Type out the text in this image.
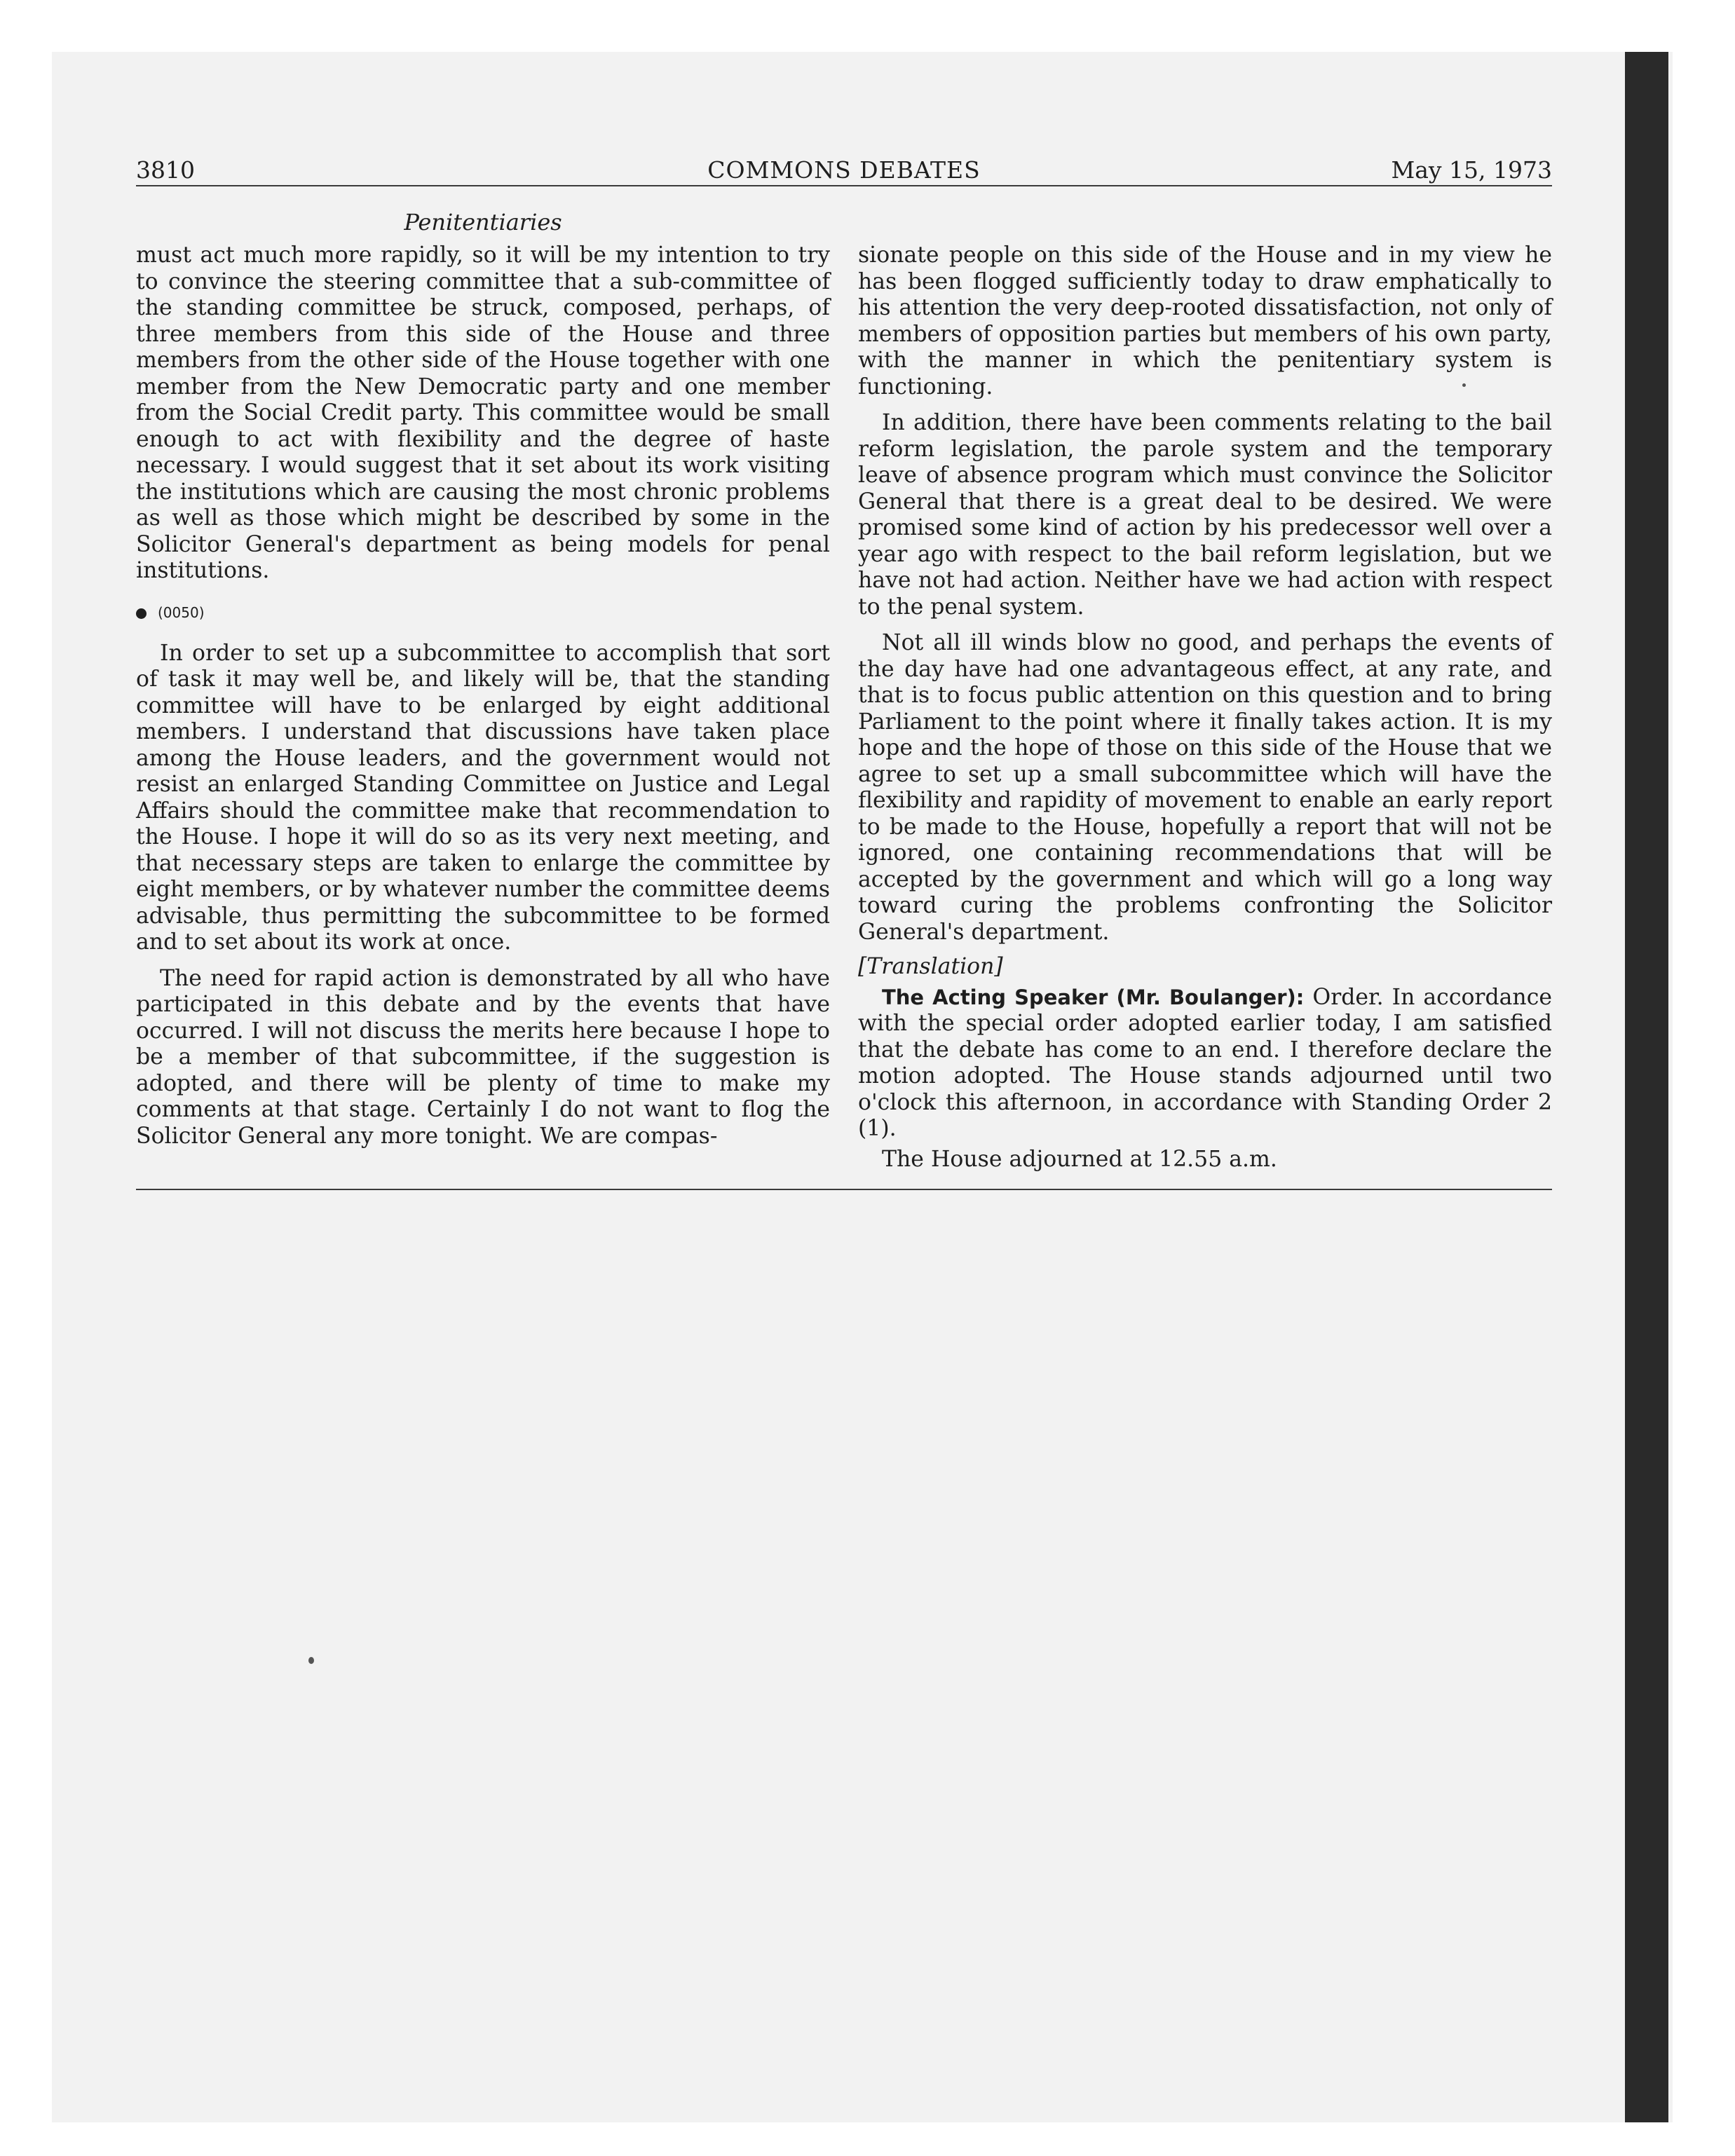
3810	COMMONS DEBATES	May 15, 1973
Penitentiaries

must act much more rapidly, so it will be my intention to try to convince the steering committee that a sub-committee of the standing committee be struck, composed, perhaps, of three members from this side of the House and three members from the other side of the House together with one member from the New Democratic party and one member from the Social Credit party. This committee would be small enough to act with flexibility and the degree of haste necessary. I would suggest that it set about its work visiting the institutions which are causing the most chronic problems as well as those which might be described by some in the Solicitor General's department as being models for penal institutions.

(0050)

In order to set up a subcommittee to accomplish that sort of task it may well be, and likely will be, that the standing committee will have to be enlarged by eight additional members. I understand that discussions have taken place among the House leaders, and the government would not resist an enlarged Standing Committee on Justice and Legal Affairs should the committee make that recommendation to the House. I hope it will do so as its very next meeting, and that necessary steps are taken to enlarge the committee by eight members, or by whatever number the committee deems advisable, thus permitting the subcommittee to be formed and to set about its work at once.

The need for rapid action is demonstrated by all who have participated in this debate and by the events that have occurred. I will not discuss the merits here because I hope to be a member of that subcommittee, if the suggestion is adopted, and there will be plenty of time to make my comments at that stage. Certainly I do not want to flog the Solicitor General any more tonight. We are compas-

sionate people on this side of the House and in my view he has been flogged sufficiently today to draw emphatically to his attention the very deep-rooted dissatisfaction, not only of members of opposition parties but members of his own party, with the manner in which the penitentiary system is functioning.

In addition, there have been comments relating to the bail reform legislation, the parole system and the temporary leave of absence program which must convince the Solicitor General that there is a great deal to be desired. We were promised some kind of action by his predecessor well over a year ago with respect to the bail reform legislation, but we have not had action. Neither have we had action with respect to the penal system.

Not all ill winds blow no good, and perhaps the events of the day have had one advantageous effect, at any rate, and that is to focus public attention on this question and to bring Parliament to the point where it finally takes action. It is my hope and the hope of those on this side of the House that we agree to set up a small subcommittee which will have the flexibility and rapidity of movement to enable an early report to be made to the House, hopefully a report that will not be ignored, one containing recommendations that will be accepted by the government and which will go a long way toward curing the problems confronting the Solicitor General's department.

[Translation]

The Acting Speaker (Mr. Boulanger): Order. In accordance with the special order adopted earlier today, I am satisfied that the debate has come to an end. I therefore declare the motion adopted. The House stands adjourned until two o'clock this afternoon, in accordance with Standing Order 2 (1).

The House adjourned at 12.55 a.m.
